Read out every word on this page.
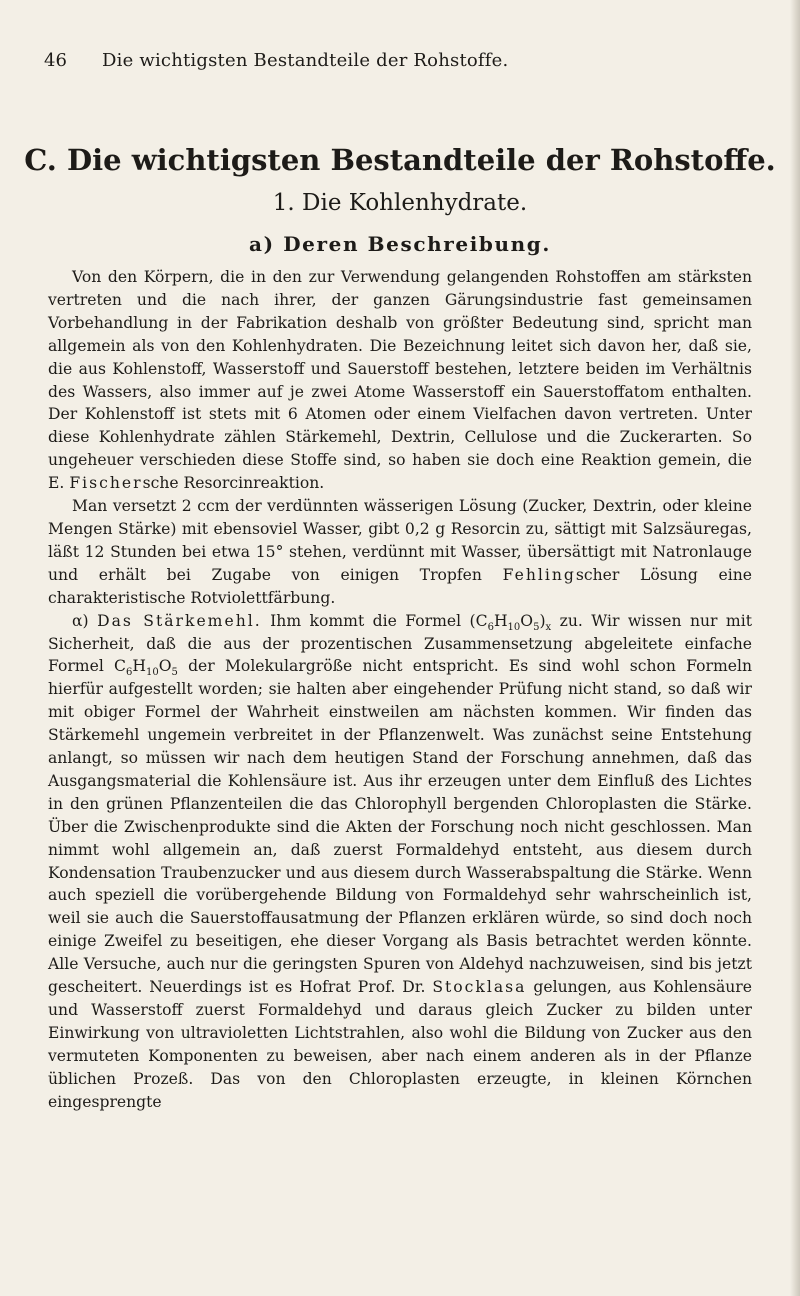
46 Die wichtigsten Bestandteile der Rohstoffe.
C. Die wichtigsten Bestandteile der Rohstoffe.
1. Die Kohlenhydrate.
a) Deren Beschreibung.

Von den Körpern, die in den zur Verwendung gelangenden Rohstoffen am stärksten vertreten und die nach ihrer, der ganzen Gärungsindustrie fast gemeinsamen Vorbehandlung in der Fabrikation deshalb von größter Bedeutung sind, spricht man allgemein als von den Kohlenhydraten. Die Bezeichnung leitet sich davon her, daß sie, die aus Kohlenstoff, Wasserstoff und Sauerstoff bestehen, letztere beiden im Verhältnis des Wassers, also immer auf je zwei Atome Wasserstoff ein Sauerstoffatom enthalten. Der Kohlenstoff ist stets mit 6 Atomen oder einem Vielfachen davon vertreten. Unter diese Kohlenhydrate zählen Stärkemehl, Dextrin, Cellulose und die Zuckerarten. So ungeheuer verschieden diese Stoffe sind, so haben sie doch eine Reaktion gemein, die E. Fischersche Resorcinreaktion.

Man versetzt 2 ccm der verdünnten wässerigen Lösung (Zucker, Dextrin, oder kleine Mengen Stärke) mit ebensoviel Wasser, gibt 0,2 g Resorcin zu, sättigt mit Salzsäuregas, läßt 12 Stunden bei etwa 15° stehen, verdünnt mit Wasser, übersättigt mit Natronlauge und erhält bei Zugabe von einigen Tropfen Fehlingscher Lösung eine charakteristische Rotviolettfärbung.

α) Das Stärkemehl. Ihm kommt die Formel $(C_6H_{10}O_5)_x$ zu. Wir wissen nur mit Sicherheit, daß die aus der prozentischen Zusammensetzung abgeleitete einfache Formel $C_6H_{10}O_5$ der Molekulargröße nicht entspricht. Es sind wohl schon Formeln hierfür aufgestellt worden; sie halten aber eingehender Prüfung nicht stand, so daß wir mit obiger Formel der Wahrheit einstweilen am nächsten kommen. Wir finden das Stärkemehl ungemein verbreitet in der Pflanzenwelt. Was zunächst seine Entstehung anlangt, so müssen wir nach dem heutigen Stand der Forschung annehmen, daß das Ausgangsmaterial die Kohlensäure ist. Aus ihr erzeugen unter dem Einfluß des Lichtes in den grünen Pflanzenteilen die das Chlorophyll bergenden Chloroplasten die Stärke. Über die Zwischenprodukte sind die Akten der Forschung noch nicht geschlossen. Man nimmt wohl allgemein an, daß zuerst Formaldehyd entsteht, aus diesem durch Kondensation Traubenzucker und aus diesem durch Wasserabspaltung die Stärke. Wenn auch speziell die vorübergehende Bildung von Formaldehyd sehr wahrscheinlich ist, weil sie auch die Sauerstoffausatmung der Pflanzen erklären würde, so sind doch noch einige Zweifel zu beseitigen, ehe dieser Vorgang als Basis betrachtet werden könnte. Alle Versuche, auch nur die geringsten Spuren von Aldehyd nachzuweisen, sind bis jetzt gescheitert. Neuerdings ist es Hofrat Prof. Dr. Stocklasa gelungen, aus Kohlensäure und Wasserstoff zuerst Formaldehyd und daraus gleich Zucker zu bilden unter Einwirkung von ultravioletten Lichtstrahlen, also wohl die Bildung von Zucker aus den vermuteten Komponenten zu beweisen, aber nach einem anderen als in der Pflanze üblichen Prozeß. Das von den Chloroplasten erzeugte, in kleinen Körnchen eingesprengte
